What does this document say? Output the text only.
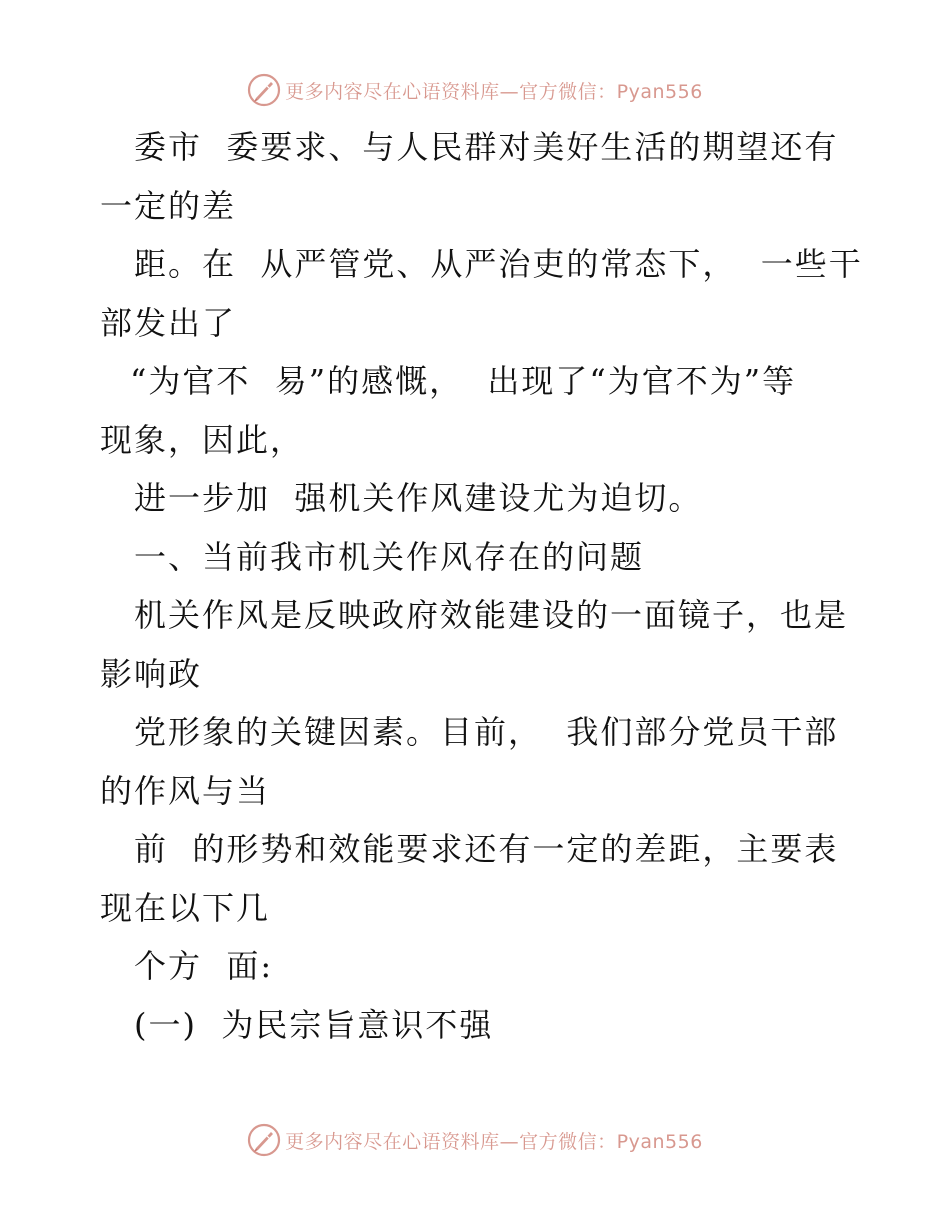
更多内容尽在心语资料库—官方微信：Pyan556
委市  委要求、与人民群对美好生活的期望还有
一定的差
距。在  从严管党、从严治吏的常态下，  一些干
部发出了
“为官不  易”的感慨，  出现了“为官不为”等
现象，因此，
进一步加  强机关作风建设尤为迫切。
一、当前我市机关作风存在的问题
机关作风是反映政府效能建设的一面镜子，也是
影响政
党形象的关键因素。目前，  我们部分党员干部
的作风与当
前  的形势和效能要求还有一定的差距，主要表
现在以下几
个方  面:
(一)  为民宗旨意识不强
更多内容尽在心语资料库—官方微信：Pyan556
